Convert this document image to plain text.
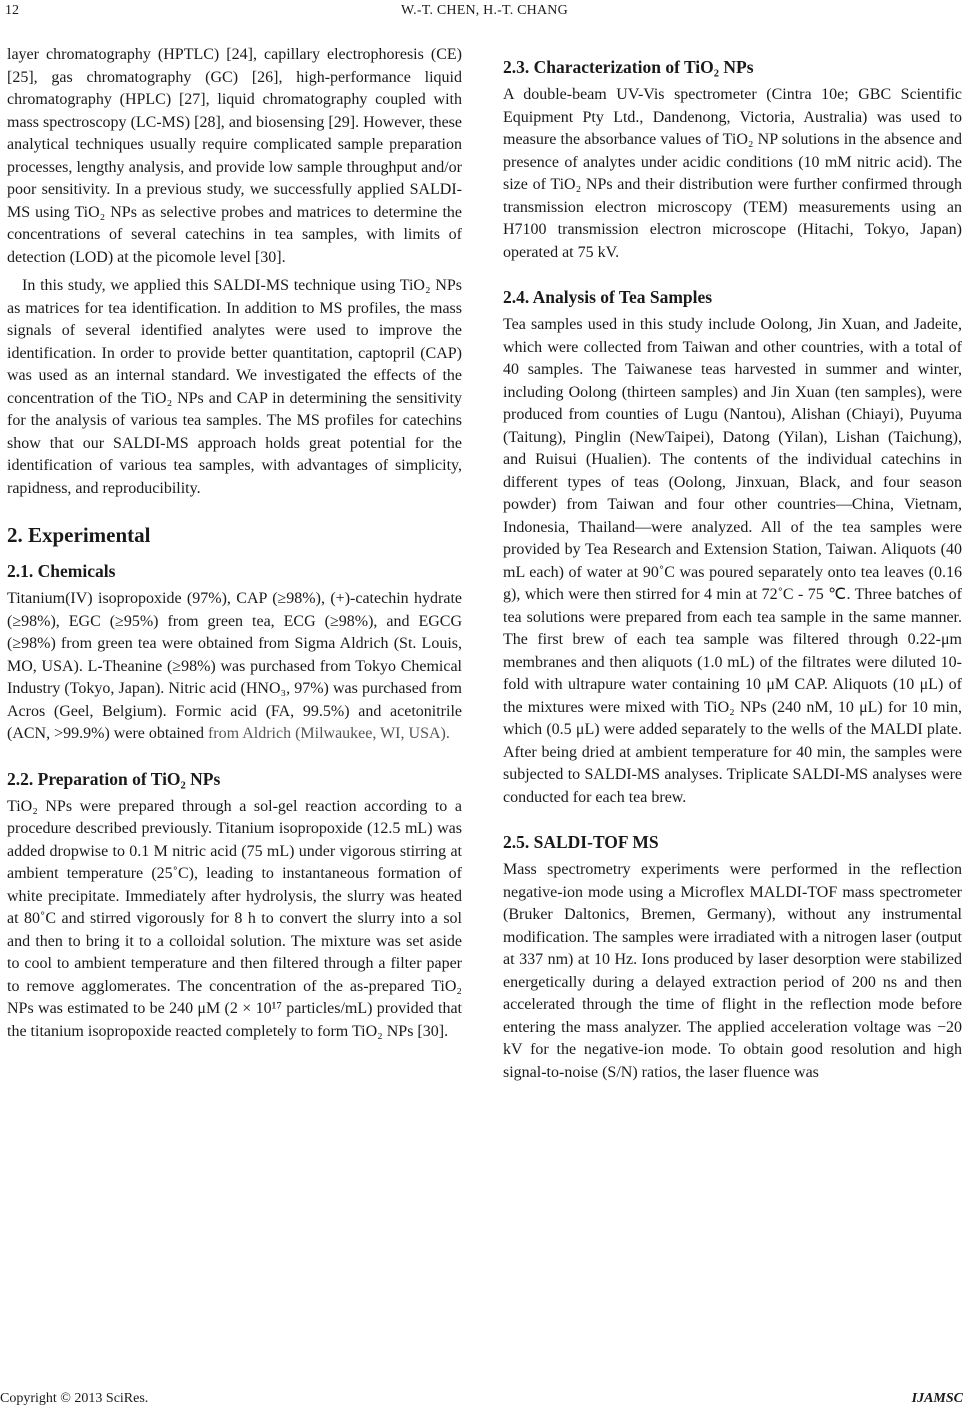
12	W.-T. CHEN, H.-T. CHANG

layer chromatography (HPTLC) [24], capillary electrophoresis (CE) [25], gas chromatography (GC) [26], high-performance liquid chromatography (HPLC) [27], liquid chromatography coupled with mass spectroscopy (LC-MS) [28], and biosensing [29]. However, these analytical techniques usually require complicated sample preparation processes, lengthy analysis, and provide low sample throughput and/or poor sensitivity. In a previous study, we successfully applied SALDI-MS using TiO₂ NPs as selective probes and matrices to determine the concentrations of several catechins in tea samples, with limits of detection (LOD) at the picomole level [30].

In this study, we applied this SALDI-MS technique using TiO₂ NPs as matrices for tea identification. In addition to MS profiles, the mass signals of several identified analytes were used to improve the identification. In order to provide better quantitation, captopril (CAP) was used as an internal standard. We investigated the effects of the concentration of the TiO₂ NPs and CAP in determining the sensitivity for the analysis of various tea samples. The MS profiles for catechins show that our SALDI-MS approach holds great potential for the identification of various tea samples, with advantages of simplicity, rapidness, and reproducibility.

2. Experimental
2.1. Chemicals

Titanium(IV) isopropoxide (97%), CAP (≥98%), (+)-catechin hydrate (≥98%), EGC (≥95%) from green tea, ECG (≥98%), and EGCG (≥98%) from green tea were obtained from Sigma Aldrich (St. Louis, MO, USA). L-Theanine (≥98%) was purchased from Tokyo Chemical Industry (Tokyo, Japan). Nitric acid (HNO₃, 97%) was purchased from Acros (Geel, Belgium). Formic acid (FA, 99.5%) and acetonitrile (ACN, >99.9%) were obtained from Aldrich (Milwaukee, WI, USA).

2.2. Preparation of TiO₂ NPs

TiO₂ NPs were prepared through a sol-gel reaction according to a procedure described previously. Titanium isopropoxide (12.5 mL) was added dropwise to 0.1 M nitric acid (75 mL) under vigorous stirring at ambient temperature (25˚C), leading to instantaneous formation of white precipitate. Immediately after hydrolysis, the slurry was heated at 80˚C and stirred vigorously for 8 h to convert the slurry into a sol and then to bring it to a colloidal solution. The mixture was set aside to cool to ambient temperature and then filtered through a filter paper to remove agglomerates. The concentration of the as-prepared TiO₂ NPs was estimated to be 240 μM (2 × 10¹⁷ particles/mL) provided that the titanium isopropoxide reacted completely to form TiO₂ NPs [30].

2.3. Characterization of TiO₂ NPs

A double-beam UV-Vis spectrometer (Cintra 10e; GBC Scientific Equipment Pty Ltd., Dandenong, Victoria, Australia) was used to measure the absorbance values of TiO₂ NP solutions in the absence and presence of analytes under acidic conditions (10 mM nitric acid). The size of TiO₂ NPs and their distribution were further confirmed through transmission electron microscopy (TEM) measurements using an H7100 transmission electron microscope (Hitachi, Tokyo, Japan) operated at 75 kV.

2.4. Analysis of Tea Samples

Tea samples used in this study include Oolong, Jin Xuan, and Jadeite, which were collected from Taiwan and other countries, with a total of 40 samples. The Taiwanese teas harvested in summer and winter, including Oolong (thirteen samples) and Jin Xuan (ten samples), were produced from counties of Lugu (Nantou), Alishan (Chiayi), Puyuma (Taitung), Pinglin (NewTaipei), Datong (Yilan), Lishan (Taichung), and Ruisui (Hualien). The contents of the individual catechins in different types of teas (Oolong, Jinxuan, Black, and four season powder) from Taiwan and four other countries—China, Vietnam, Indonesia, Thailand—were analyzed. All of the tea samples were provided by Tea Research and Extension Station, Taiwan. Aliquots (40 mL each) of water at 90˚C was poured separately onto tea leaves (0.16 g), which were then stirred for 4 min at 72˚C - 75 ℃. Three batches of tea solutions were prepared from each tea sample in the same manner. The first brew of each tea sample was filtered through 0.22-μm membranes and then aliquots (1.0 mL) of the filtrates were diluted 10-fold with ultrapure water containing 10 μM CAP. Aliquots (10 μL) of the mixtures were mixed with TiO₂ NPs (240 nM, 10 μL) for 10 min, which (0.5 μL) were added separately to the wells of the MALDI plate. After being dried at ambient temperature for 40 min, the samples were subjected to SALDI-MS analyses. Triplicate SALDI-MS analyses were conducted for each tea brew.

2.5. SALDI-TOF MS

Mass spectrometry experiments were performed in the reflection negative-ion mode using a Microflex MALDI-TOF mass spectrometer (Bruker Daltonics, Bremen, Germany), without any instrumental modification. The samples were irradiated with a nitrogen laser (output at 337 nm) at 10 Hz. Ions produced by laser desorption were stabilized energetically during a delayed extraction period of 200 ns and then accelerated through the time of flight in the reflection mode before entering the mass analyzer. The applied acceleration voltage was −20 kV for the negative-ion mode. To obtain good resolution and high signal-to-noise (S/N) ratios, the laser fluence was

Copyright © 2013 SciRes.	IJAMSC
